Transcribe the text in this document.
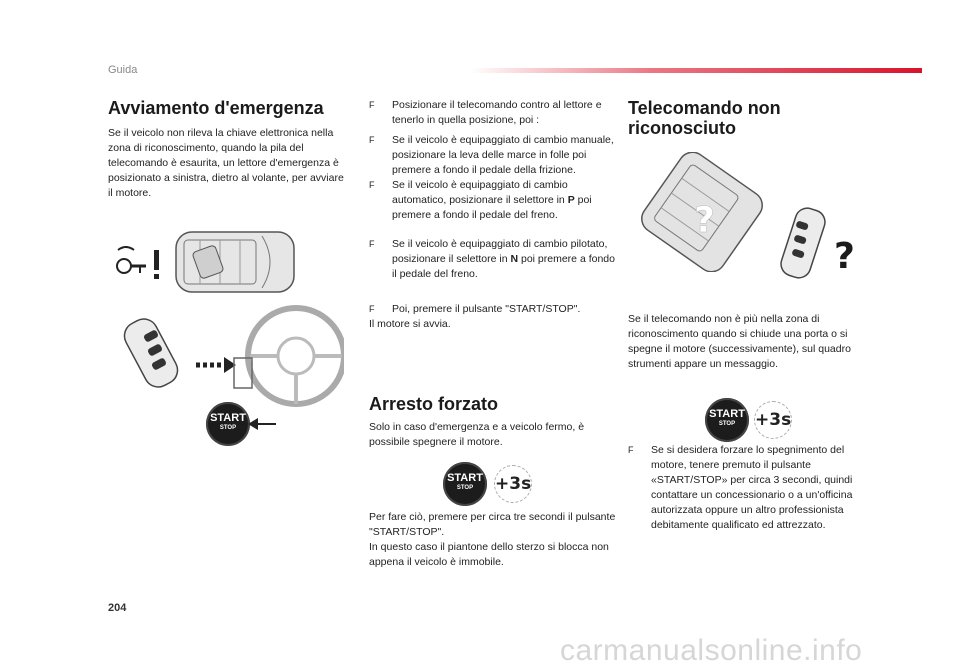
Guida
Avviamento d'emergenza

Se il veicolo non rileva la chiave elettronica nella zona di riconoscimento, quando la pila del telecomando è esaurita, un lettore d'emergenza è posizionato a sinistra, dietro al volante, per avviare il motore.

START
STOP
F Posizionare il telecomando contro al lettore e tenerlo in quella posizione, poi :
F Se il veicolo è equipaggiato di cambio manuale, posizionare la leva delle marce in folle poi premere a fondo il pedale della frizione.
F Se il veicolo è equipaggiato di cambio automatico, posizionare il selettore in P poi premere a fondo il pedale del freno.
F Se il veicolo è equipaggiato di cambio pilotato, posizionare il selettore in N poi premere a fondo il pedale del freno.
F Poi, premere il pulsante "START/STOP".

Il motore si avvia.

Arresto forzato

Solo in caso d'emergenza e a veicolo fermo, è possibile spegnere il motore.

START
STOP	+3s

Per fare ciò, premere per circa tre secondi il pulsante "START/STOP".

In questo caso il piantone dello sterzo si blocca non appena il veicolo è immobile.

Telecomando non riconosciuto
?
?

Se il telecomando non è più nella zona di riconoscimento quando si chiude una porta o si spegne il motore (successivamente), sul quadro strumenti appare un messaggio.

START
STOP	+3s
F Se si desidera forzare lo spegnimento del motore, tenere premuto il pulsante «START/STOP» per circa 3 secondi, quindi contattare un concessionario o a un'officina autorizzata oppure un altro professionista debitamente qualificato ed attrezzato.
204
carmanualsonline.info
